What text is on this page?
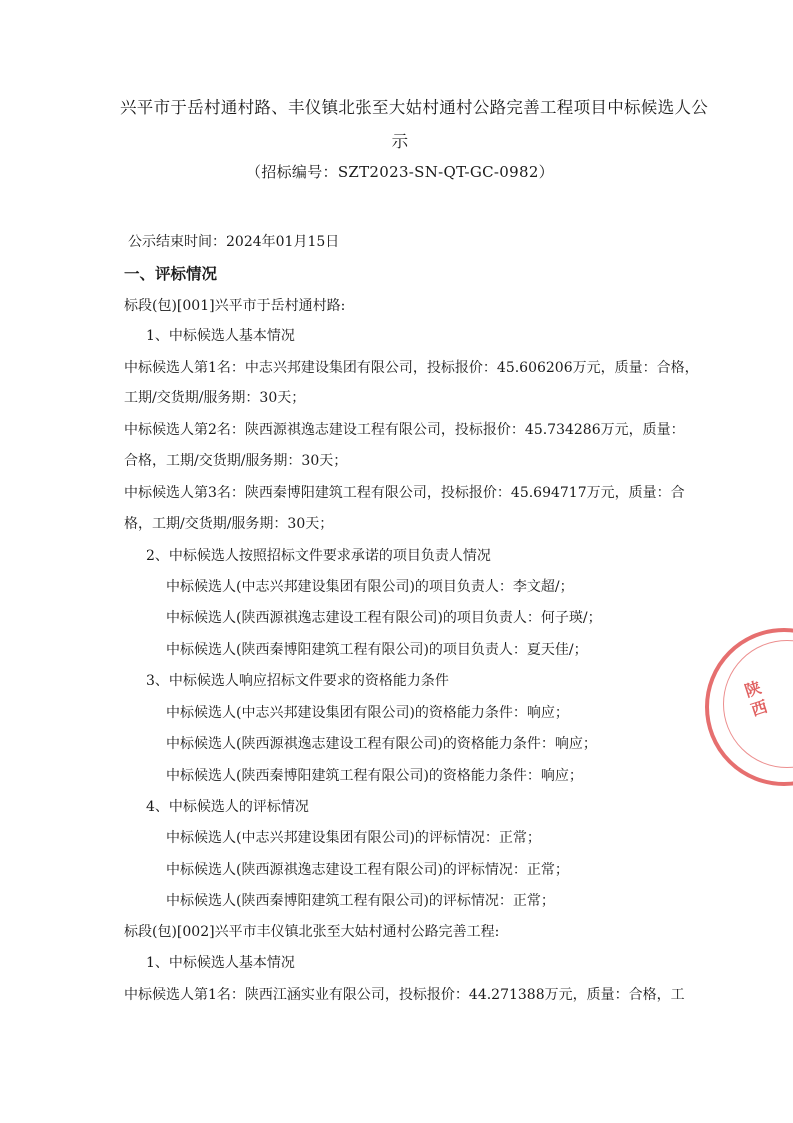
兴平市于岳村通村路、丰仪镇北张至大姑村通村公路完善工程项目中标候选人公
示
（招标编号：SZT2023-SN-QT-GC-0982）
公示结束时间：2024年01月15日
一、评标情况
标段(包)[001]兴平市于岳村通村路:
1、中标候选人基本情况
中标候选人第1名：中志兴邦建设集团有限公司，投标报价：45.606206万元，质量：合格，
工期/交货期/服务期：30天；
中标候选人第2名：陕西源祺逸志建设工程有限公司，投标报价：45.734286万元，质量：
合格，工期/交货期/服务期：30天；
中标候选人第3名：陕西秦博阳建筑工程有限公司，投标报价：45.694717万元，质量：合
格，工期/交货期/服务期：30天；
2、中标候选人按照招标文件要求承诺的项目负责人情况
中标候选人(中志兴邦建设集团有限公司)的项目负责人：李文超/；
中标候选人(陕西源祺逸志建设工程有限公司)的项目负责人：何子瑛/；
中标候选人(陕西秦博阳建筑工程有限公司)的项目负责人：夏天佳/；
3、中标候选人响应招标文件要求的资格能力条件
中标候选人(中志兴邦建设集团有限公司)的资格能力条件：响应；
中标候选人(陕西源祺逸志建设工程有限公司)的资格能力条件：响应；
中标候选人(陕西秦博阳建筑工程有限公司)的资格能力条件：响应；
4、中标候选人的评标情况
中标候选人(中志兴邦建设集团有限公司)的评标情况：正常；
中标候选人(陕西源祺逸志建设工程有限公司)的评标情况：正常；
中标候选人(陕西秦博阳建筑工程有限公司)的评标情况：正常；
标段(包)[002]兴平市丰仪镇北张至大姑村通村公路完善工程:
1、中标候选人基本情况
中标候选人第1名：陕西江涵实业有限公司，投标报价：44.271388万元，质量：合格，工
陕西
